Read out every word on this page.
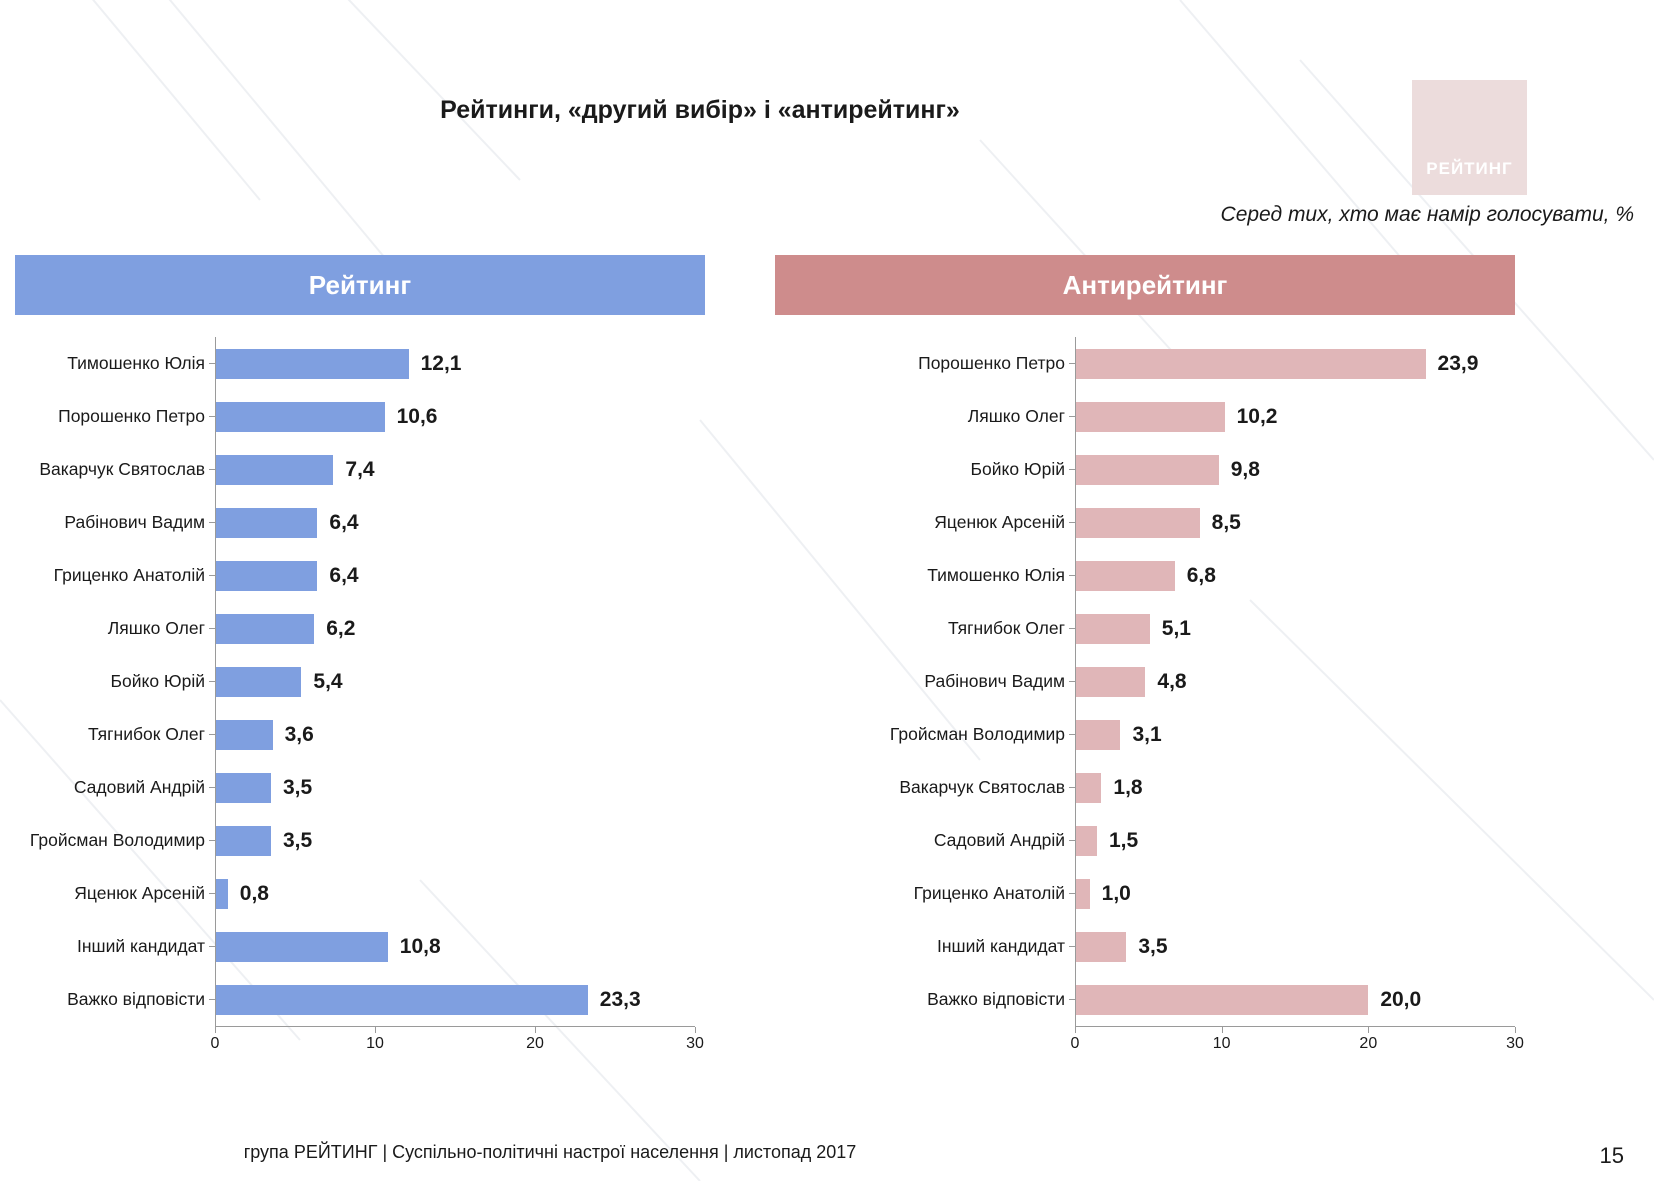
Рейтинги, «другий вибір» і «антирейтинг»
РЕЙТИНГ
Серед тих, хто має намір голосувати, %
Рейтинг
Тимошенко Юлія	12,1
Порошенко Петро	10,6
Вакарчук Святослав	7,4
Рабінович Вадим	6,4
Гриценко Анатолій	6,4
Ляшко Олег	6,2
Бойко Юрій	5,4
Тягнибок Олег	3,6
Садовий Андрій	3,5
Гройсман Володимир	3,5
Яценюк Арсеній	0,8
Інший кандидат	10,8
Важко відповісти	23,3
0	10	20	30
Антирейтинг
Порошенко Петро	23,9
Ляшко Олег	10,2
Бойко Юрій	9,8
Яценюк Арсеній	8,5
Тимошенко Юлія	6,8
Тягнибок Олег	5,1
Рабінович Вадим	4,8
Гройсман Володимир	3,1
Вакарчук Святослав	1,8
Садовий Андрій	1,5
Гриценко Анатолій	1,0
Інший кандидат	3,5
Важко відповісти	20,0
0	10	20	30
група РЕЙТИНГ | Суспільно-політичні настрої населення | листопад 2017	15
